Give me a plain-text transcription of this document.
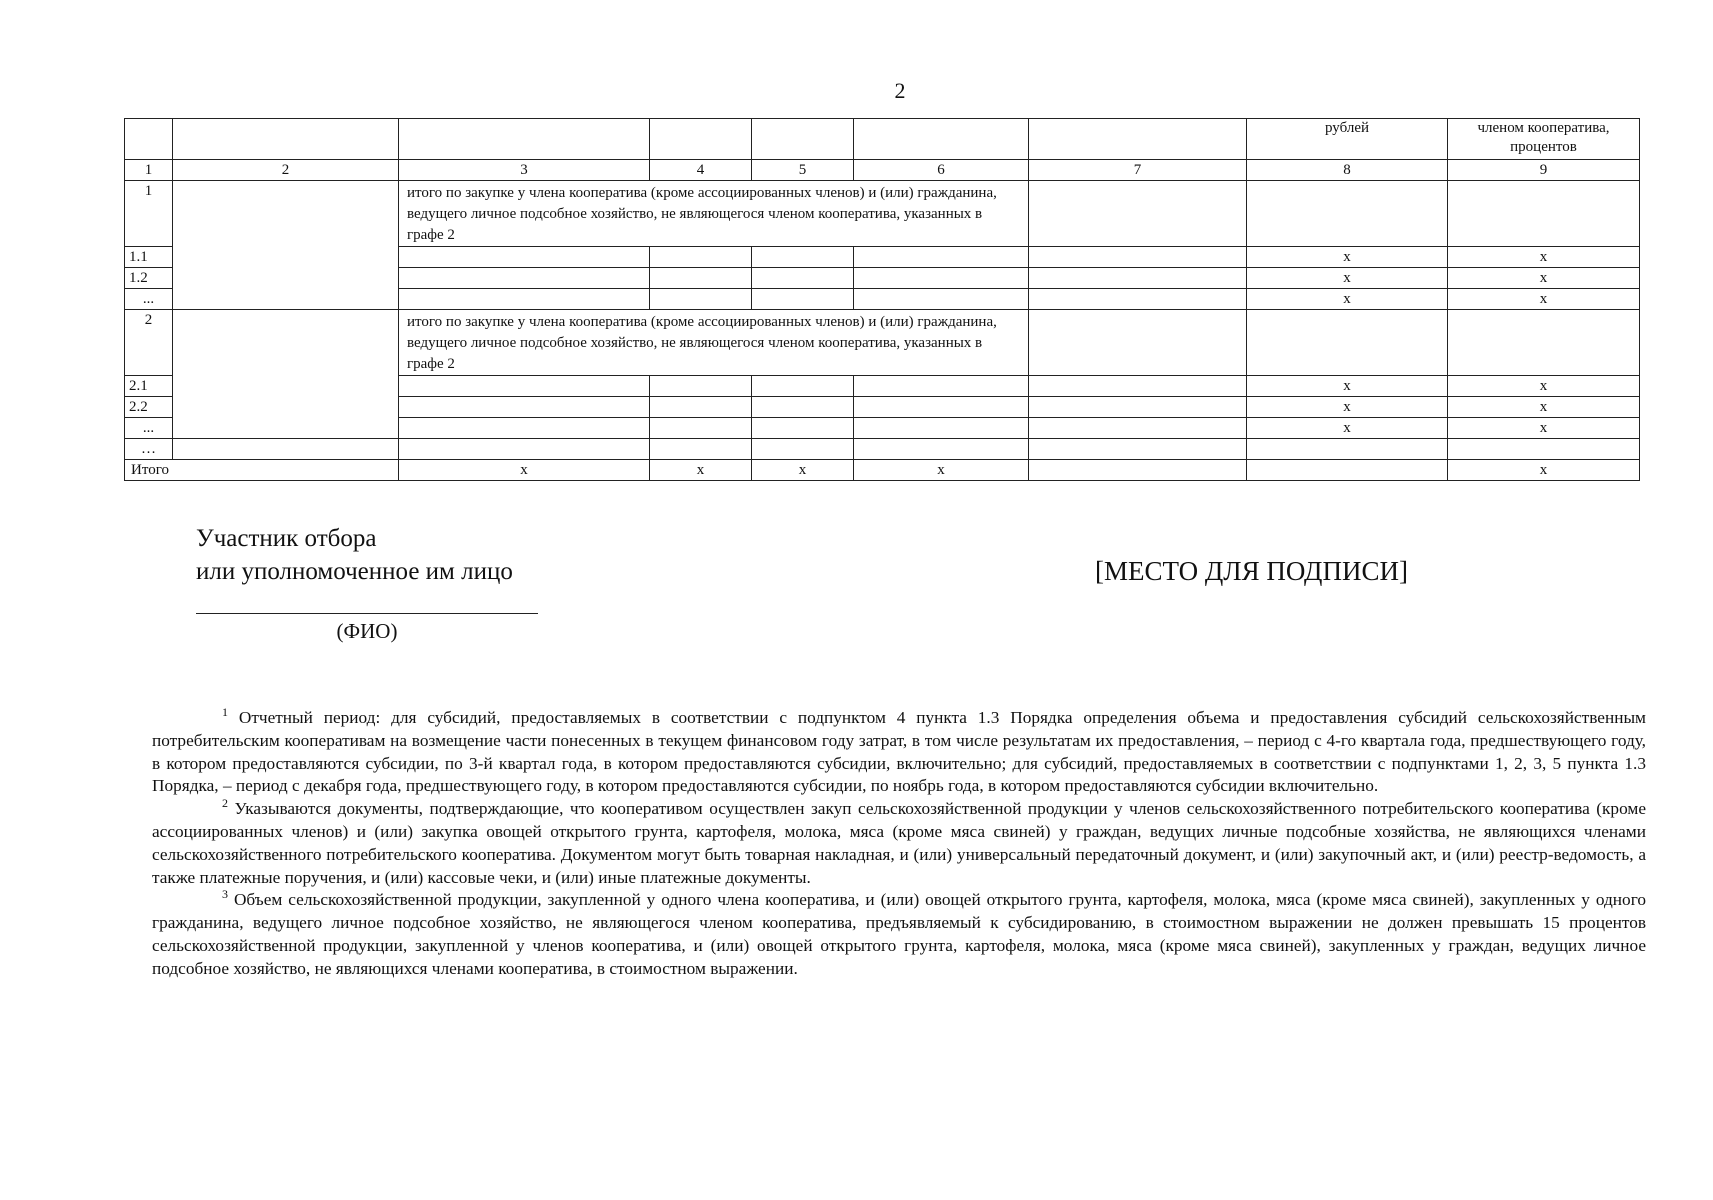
2
							рублей	членом кооператива, процентов
1	2	3	4	5	6	7	8	9
1		итого по закупке у члена кооператива (кроме ассоциированных членов) и (или) гражданина, ведущего личное подсобное хозяйство, не являющегося членом кооператива, указанных в графе 2						
1.1							x	x
1.2							x	x
...							x	x
2		итого по закупке у члена кооператива (кроме ассоциированных членов) и (или) гражданина, ведущего личное подсобное хозяйство, не являющегося членом кооператива, указанных в графе 2						
2.1							x	x
2.2							x	x
...							x	x
…								
Итого		x	x	x	x			x
Участник отбора
или уполномоченное им лицо
(ФИО)
[МЕСТО ДЛЯ ПОДПИСИ]

$^1$ Отчетный период: для субсидий, предоставляемых в соответствии с подпунктом 4 пункта 1.3 Порядка определения объема и предоставления субсидий сельскохозяйственным потребительским кооперативам на возмещение части понесенных в текущем финансовом году затрат, в том числе результатам их предоставления, – период с 4-го квартала года, предшествующего году, в котором предоставляются субсидии, по 3-й квартал года, в котором предоставляются субсидии, включительно; для субсидий, предоставляемых в соответствии с подпунктами 1, 2, 3, 5 пункта 1.3 Порядка, – период с декабря года, предшествующего году, в котором предоставляются субсидии, по ноябрь года, в котором предоставляются субсидии включительно.

$^2$ Указываются документы, подтверждающие, что кооперативом осуществлен закуп сельскохозяйственной продукции у членов сельскохозяйственного потребительского кооператива (кроме ассоциированных членов) и (или) закупка овощей открытого грунта, картофеля, молока, мяса (кроме мяса свиней) у граждан, ведущих личные подсобные хозяйства, не являющихся членами сельскохозяйственного потребительского кооператива. Документом могут быть товарная накладная, и (или) универсальный передаточный документ, и (или) закупочный акт, и (или) реестр-ведомость, а также платежные поручения, и (или) кассовые чеки, и (или) иные платежные документы.

$^3$ Объем сельскохозяйственной продукции, закупленной у одного члена кооператива, и (или) овощей открытого грунта, картофеля, молока, мяса (кроме мяса свиней), закупленных у одного гражданина, ведущего личное подсобное хозяйство, не являющегося членом кооператива, предъявляемый к субсидированию, в стоимостном выражении не должен превышать 15 процентов сельскохозяйственной продукции, закупленной у членов кооператива, и (или) овощей открытого грунта, картофеля, молока, мяса (кроме мяса свиней), закупленных у граждан, ведущих личное подсобное хозяйство, не являющихся членами кооператива, в стоимостном выражении.
